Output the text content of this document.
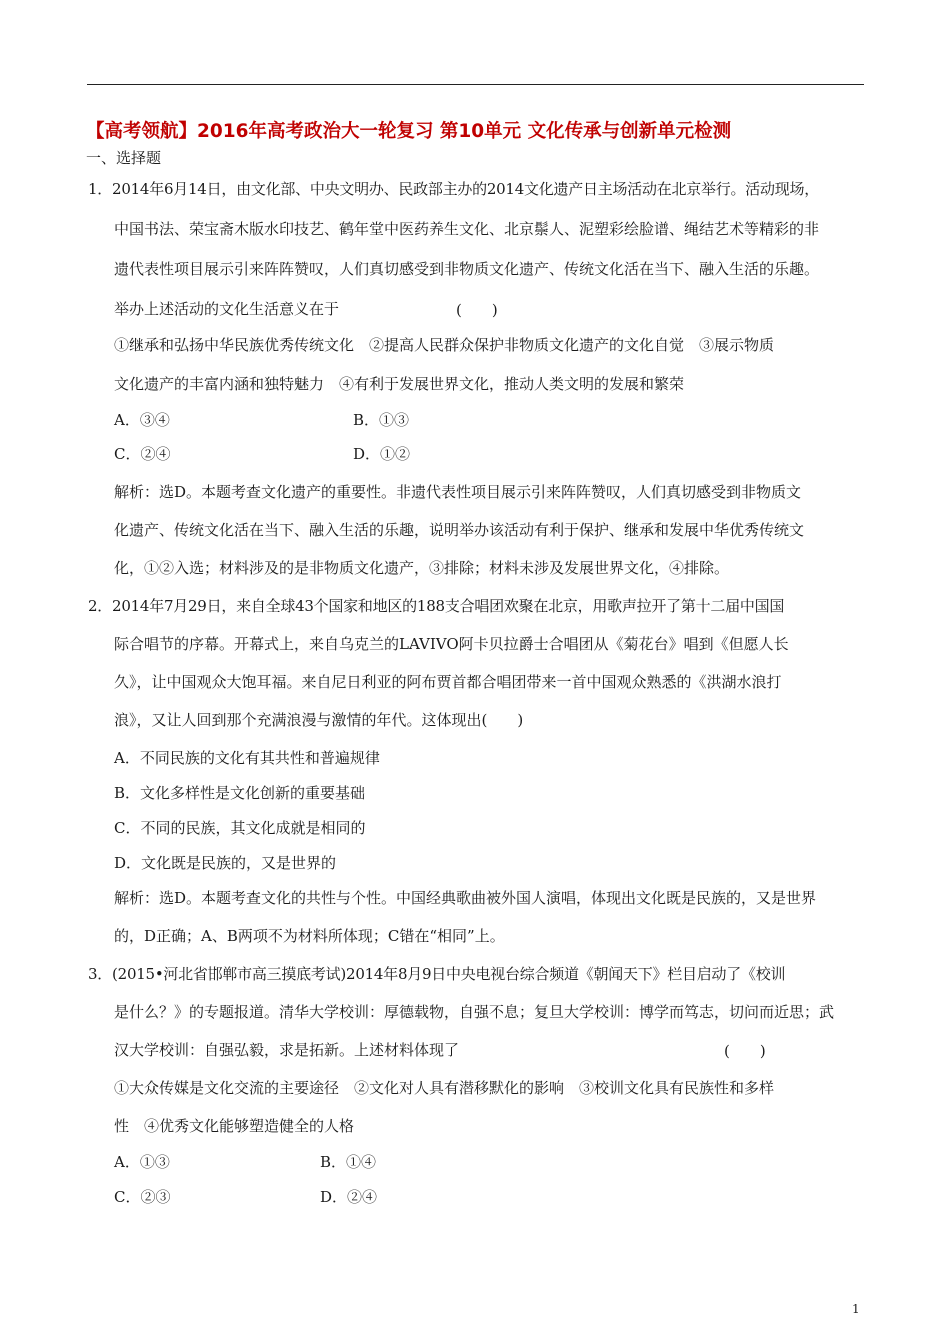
【高考领航】2016年高考政治大一轮复习 第10单元 文化传承与创新单元检测
一、选择题
1．2014年6月14日，由文化部、中央文明办、民政部主办的2014文化遗产日主场活动在北京举行。活动现场，
中国书法、荣宝斋木版水印技艺、鹤年堂中医药养生文化、北京鬃人、泥塑彩绘脸谱、绳结艺术等精彩的非
遗代表性项目展示引来阵阵赞叹，人们真切感受到非物质文化遗产、传统文化活在当下、融入生活的乐趣。
举办上述活动的文化生活意义在于	(　　)
①继承和弘扬中华民族优秀传统文化　②提高人民群众保护非物质文化遗产的文化自觉　③展示物质
文化遗产的丰富内涵和独特魅力　④有利于发展世界文化，推动人类文明的发展和繁荣
A．③④	B．①③
C．②④	D．①②
解析：选D。本题考查文化遗产的重要性。非遗代表性项目展示引来阵阵赞叹，人们真切感受到非物质文
化遗产、传统文化活在当下、融入生活的乐趣，说明举办该活动有利于保护、继承和发展中华优秀传统文
化，①②入选；材料涉及的是非物质文化遗产，③排除；材料未涉及发展世界文化，④排除。
2．2014年7月29日，来自全球43个国家和地区的188支合唱团欢聚在北京，用歌声拉开了第十二届中国国
际合唱节的序幕。开幕式上，来自乌克兰的LAVIVO阿卡贝拉爵士合唱团从《菊花台》唱到《但愿人长
久》，让中国观众大饱耳福。来自尼日利亚的阿布贾首都合唱团带来一首中国观众熟悉的《洪湖水浪打
浪》，又让人回到那个充满浪漫与激情的年代。这体现出(　　)
A．不同民族的文化有其共性和普遍规律
B．文化多样性是文化创新的重要基础
C．不同的民族，其文化成就是相同的
D．文化既是民族的，又是世界的
解析：选D。本题考查文化的共性与个性。中国经典歌曲被外国人演唱，体现出文化既是民族的，又是世界
的，D正确；A、B两项不为材料所体现；C错在“相同”上。
3．(2015•河北省邯郸市高三摸底考试)2014年8月9日中央电视台综合频道《朝闻天下》栏目启动了《校训
是什么？》的专题报道。清华大学校训：厚德载物，自强不息；复旦大学校训：博学而笃志，切问而近思；武
汉大学校训：自强弘毅，求是拓新。上述材料体现了	(　　)
①大众传媒是文化交流的主要途径　②文化对人具有潜移默化的影响　③校训文化具有民族性和多样
性　④优秀文化能够塑造健全的人格
A．①③	B．①④
C．②③	D．②④
1
